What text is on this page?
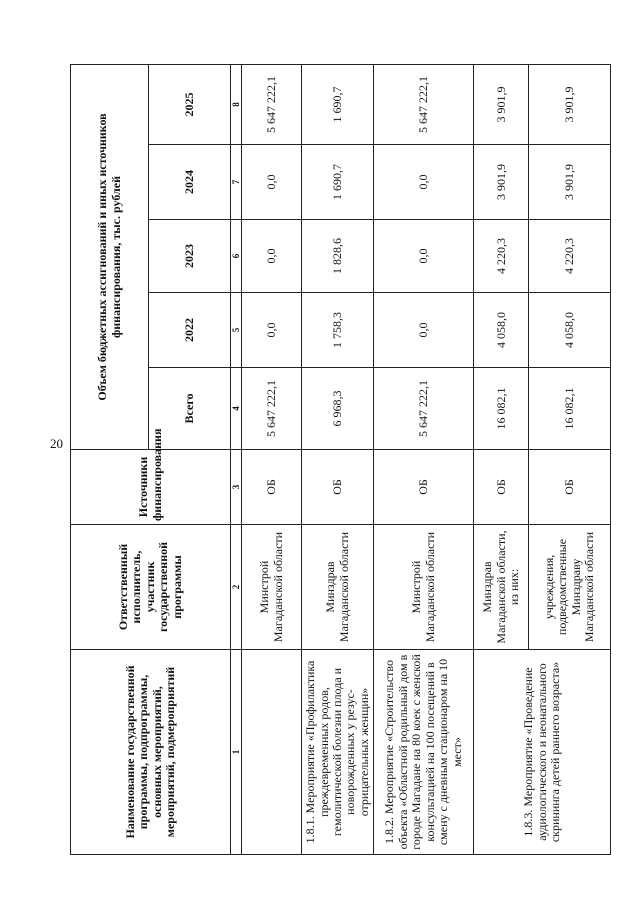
20
Наименование государственной программы, подпрограммы, основных мероприятий, мероприятий, подмероприятий	Ответственный исполнитель, участник государственной программы	Источники финансирования	Объем бюджетных ассигнований и иных источников финансирования, тыс. рублей				
			Всего	2022	2023	2024	2025
1	2	3	4	5	6	7	8
	Минстрой Магаданской области	ОБ	5 647 222,1	0,0	0,0	0,0	5 647 222,1
1.8.1. Мероприятие «Профилактика преждевременных родов, гемолитической болезни плода и новорожденных у резус-отрицательных женщин»	Минздрав Магаданской области	ОБ	6 968,3	1 758,3	1 828,6	1 690,7	1 690,7
1.8.2. Мероприятие «Строительство объекта «Областной родильный дом в городе Магадане на 80 коек с женской консультацией на 100 посещений в смену с дневным стационаром на 10 мест»	Минстрой Магаданской области	ОБ	5 647 222,1	0,0	0,0	0,0	5 647 222,1
1.8.3. Мероприятие «Проведение аудиологического и неонатального скрининга детей раннего возраста»	Минздрав Магаданской области, из них:	ОБ	16 082,1	4 058,0	4 220,3	3 901,9	3 901,9
	учреждения, подведомственные Минздраву Магаданской области	ОБ	16 082,1	4 058,0	4 220,3	3 901,9	3 901,9
